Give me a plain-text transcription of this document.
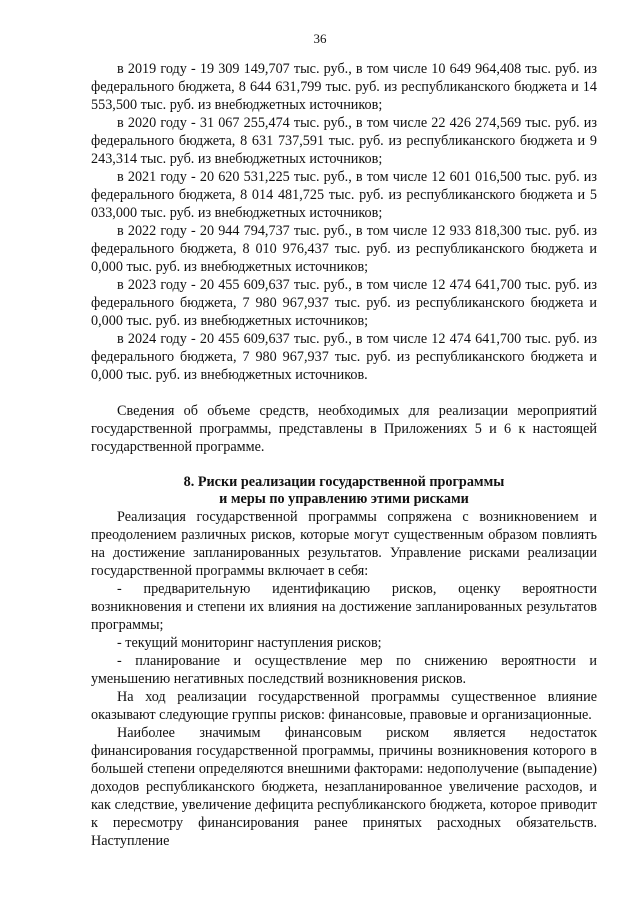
36

в 2019 году - 19 309 149,707 тыс. руб., в том числе 10 649 964,408 тыс. руб. из федерального бюджета, 8 644 631,799 тыс. руб. из республиканского бюджета и 14 553,500 тыс. руб. из внебюджетных источников;

в 2020 году - 31 067 255,474 тыс. руб., в том числе 22 426 274,569 тыс. руб. из федерального бюджета, 8 631 737,591 тыс. руб. из республиканского бюджета и 9 243,314 тыс. руб. из внебюджетных источников;

в 2021 году - 20 620 531,225 тыс. руб., в том числе 12 601 016,500 тыс. руб. из федерального бюджета, 8 014 481,725 тыс. руб. из республиканского бюджета и 5 033,000 тыс. руб. из внебюджетных источников;

в 2022 году - 20 944 794,737 тыс. руб., в том числе 12 933 818,300 тыс. руб. из федерального бюджета, 8 010 976,437 тыс. руб. из республиканского бюджета и 0,000 тыс. руб. из внебюджетных источников;

в 2023 году - 20 455 609,637 тыс. руб., в том числе 12 474 641,700 тыс. руб. из федерального бюджета, 7 980 967,937 тыс. руб. из республиканского бюджета и 0,000 тыс. руб. из внебюджетных источников;

в 2024 году - 20 455 609,637 тыс. руб., в том числе 12 474 641,700 тыс. руб. из федерального бюджета, 7 980 967,937 тыс. руб. из республиканского бюджета и 0,000 тыс. руб. из внебюджетных источников.

Сведения об объеме средств, необходимых для реализации мероприятий государственной программы, представлены в Приложениях 5 и 6 к настоящей государственной программе.

8. Риски реализации государственной программы

и меры по управлению этими рисками

Реализация государственной программы сопряжена с возникновением и преодолением различных рисков, которые могут существенным образом повлиять на достижение запланированных результатов. Управление рисками реализации государственной программы включает в себя:

- предварительную идентификацию рисков, оценку вероятности возникновения и степени их влияния на достижение запланированных результатов программы;

- текущий мониторинг наступления рисков;

- планирование и осуществление мер по снижению вероятности и уменьшению негативных последствий возникновения рисков.

На ход реализации государственной программы существенное влияние оказывают следующие группы рисков: финансовые, правовые и организационные.

Наиболее значимым финансовым риском является недостаток финансирования государственной программы, причины возникновения которого в большей степени определяются внешними факторами: недополучение (выпадение) доходов республиканского бюджета, незапланированное увеличение расходов, и как следствие, увеличение дефицита республиканского бюджета, которое приводит к пересмотру финансирования ранее принятых расходных обязательств. Наступление
